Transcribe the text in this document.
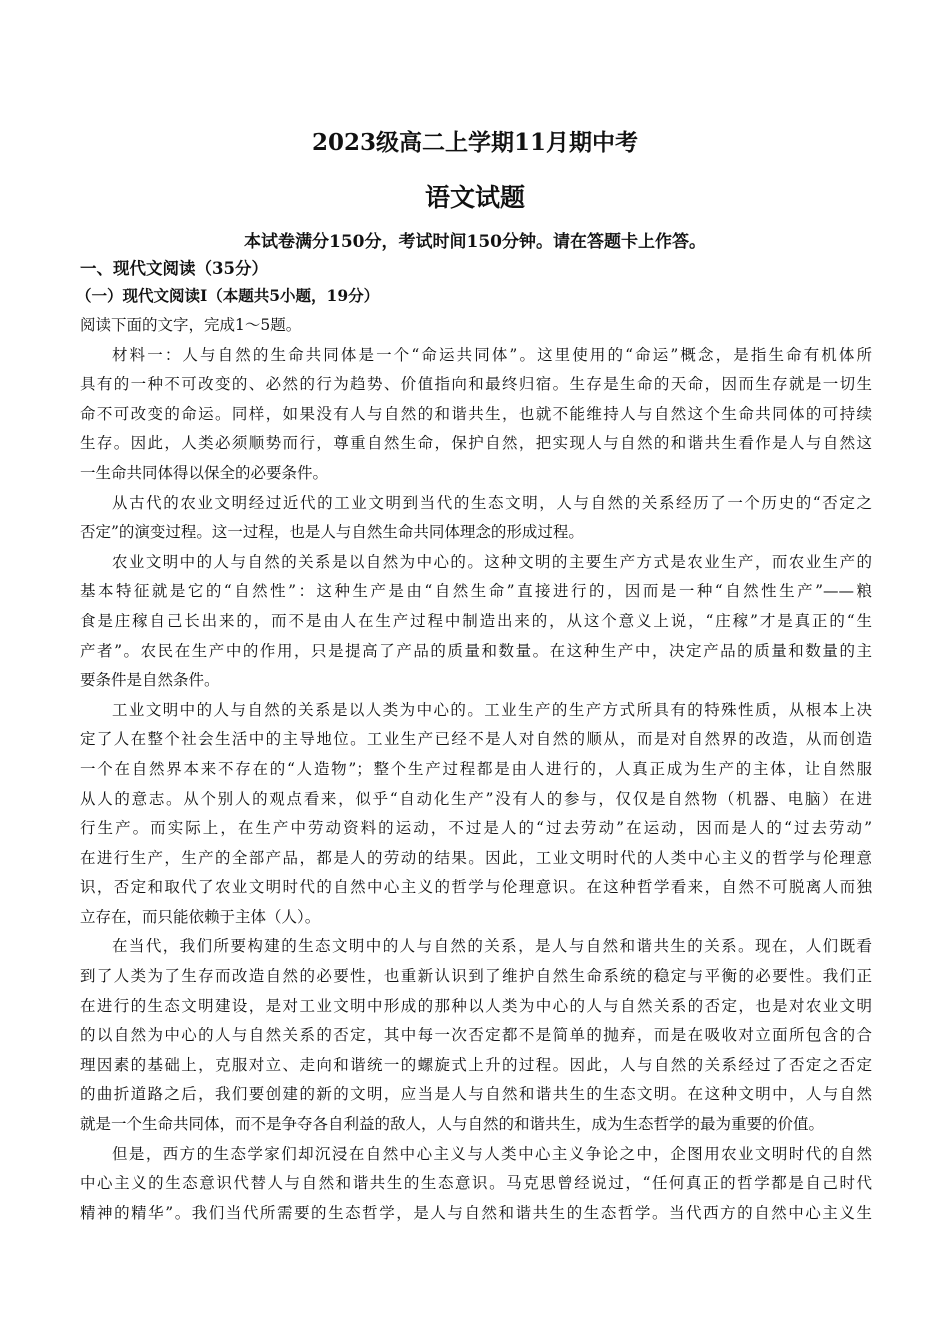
2023级高二上学期11月期中考
语文试题
本试卷满分150分，考试时间150分钟。请在答题卡上作答。
一、现代文阅读（35分）
（一）现代文阅读Ⅰ（本题共5小题，19分）
阅读下面的文字，完成1～5题。
材料一：人与自然的生命共同体是一个“命运共同体”。这里使用的“命运”概念，是指生命有机体所
具有的一种不可改变的、必然的行为趋势、价值指向和最终归宿。生存是生命的天命，因而生存就是一切生
命不可改变的命运。同样，如果没有人与自然的和谐共生，也就不能维持人与自然这个生命共同体的可持续
生存。因此，人类必须顺势而行，尊重自然生命，保护自然，把实现人与自然的和谐共生看作是人与自然这
一生命共同体得以保全的必要条件。
从古代的农业文明经过近代的工业文明到当代的生态文明，人与自然的关系经历了一个历史的“否定之
否定”的演变过程。这一过程，也是人与自然生命共同体理念的形成过程。
农业文明中的人与自然的关系是以自然为中心的。这种文明的主要生产方式是农业生产，而农业生产的
基本特征就是它的“自然性”：这种生产是由“自然生命”直接进行的，因而是一种“自然性生产”——粮
食是庄稼自己长出来的，而不是由人在生产过程中制造出来的，从这个意义上说，“庄稼”才是真正的“生
产者”。农民在生产中的作用，只是提高了产品的质量和数量。在这种生产中，决定产品的质量和数量的主
要条件是自然条件。
工业文明中的人与自然的关系是以人类为中心的。工业生产的生产方式所具有的特殊性质，从根本上决
定了人在整个社会生活中的主导地位。工业生产已经不是人对自然的顺从，而是对自然界的改造，从而创造
一个在自然界本来不存在的“人造物”；整个生产过程都是由人进行的，人真正成为生产的主体，让自然服
从人的意志。从个别人的观点看来，似乎“自动化生产”没有人的参与，仅仅是自然物（机器、电脑）在进
行生产。而实际上，在生产中劳动资料的运动，不过是人的“过去劳动”在运动，因而是人的“过去劳动”
在进行生产，生产的全部产品，都是人的劳动的结果。因此，工业文明时代的人类中心主义的哲学与伦理意
识，否定和取代了农业文明时代的自然中心主义的哲学与伦理意识。在这种哲学看来，自然不可脱离人而独
立存在，而只能依赖于主体（人）。
在当代，我们所要构建的生态文明中的人与自然的关系，是人与自然和谐共生的关系。现在，人们既看
到了人类为了生存而改造自然的必要性，也重新认识到了维护自然生命系统的稳定与平衡的必要性。我们正
在进行的生态文明建设，是对工业文明中形成的那种以人类为中心的人与自然关系的否定，也是对农业文明
的以自然为中心的人与自然关系的否定，其中每一次否定都不是简单的抛弃，而是在吸收对立面所包含的合
理因素的基础上，克服对立、走向和谐统一的螺旋式上升的过程。因此，人与自然的关系经过了否定之否定
的曲折道路之后，我们要创建的新的文明，应当是人与自然和谐共生的生态文明。在这种文明中，人与自然
就是一个生命共同体，而不是争夺各自利益的敌人，人与自然的和谐共生，成为生态哲学的最为重要的价值。
但是，西方的生态学家们却沉浸在自然中心主义与人类中心主义争论之中，企图用农业文明时代的自然
中心主义的生态意识代替人与自然和谐共生的生态意识。马克思曾经说过，“任何真正的哲学都是自己时代
精神的精华”。我们当代所需要的生态哲学，是人与自然和谐共生的生态哲学。当代西方的自然中心主义生
